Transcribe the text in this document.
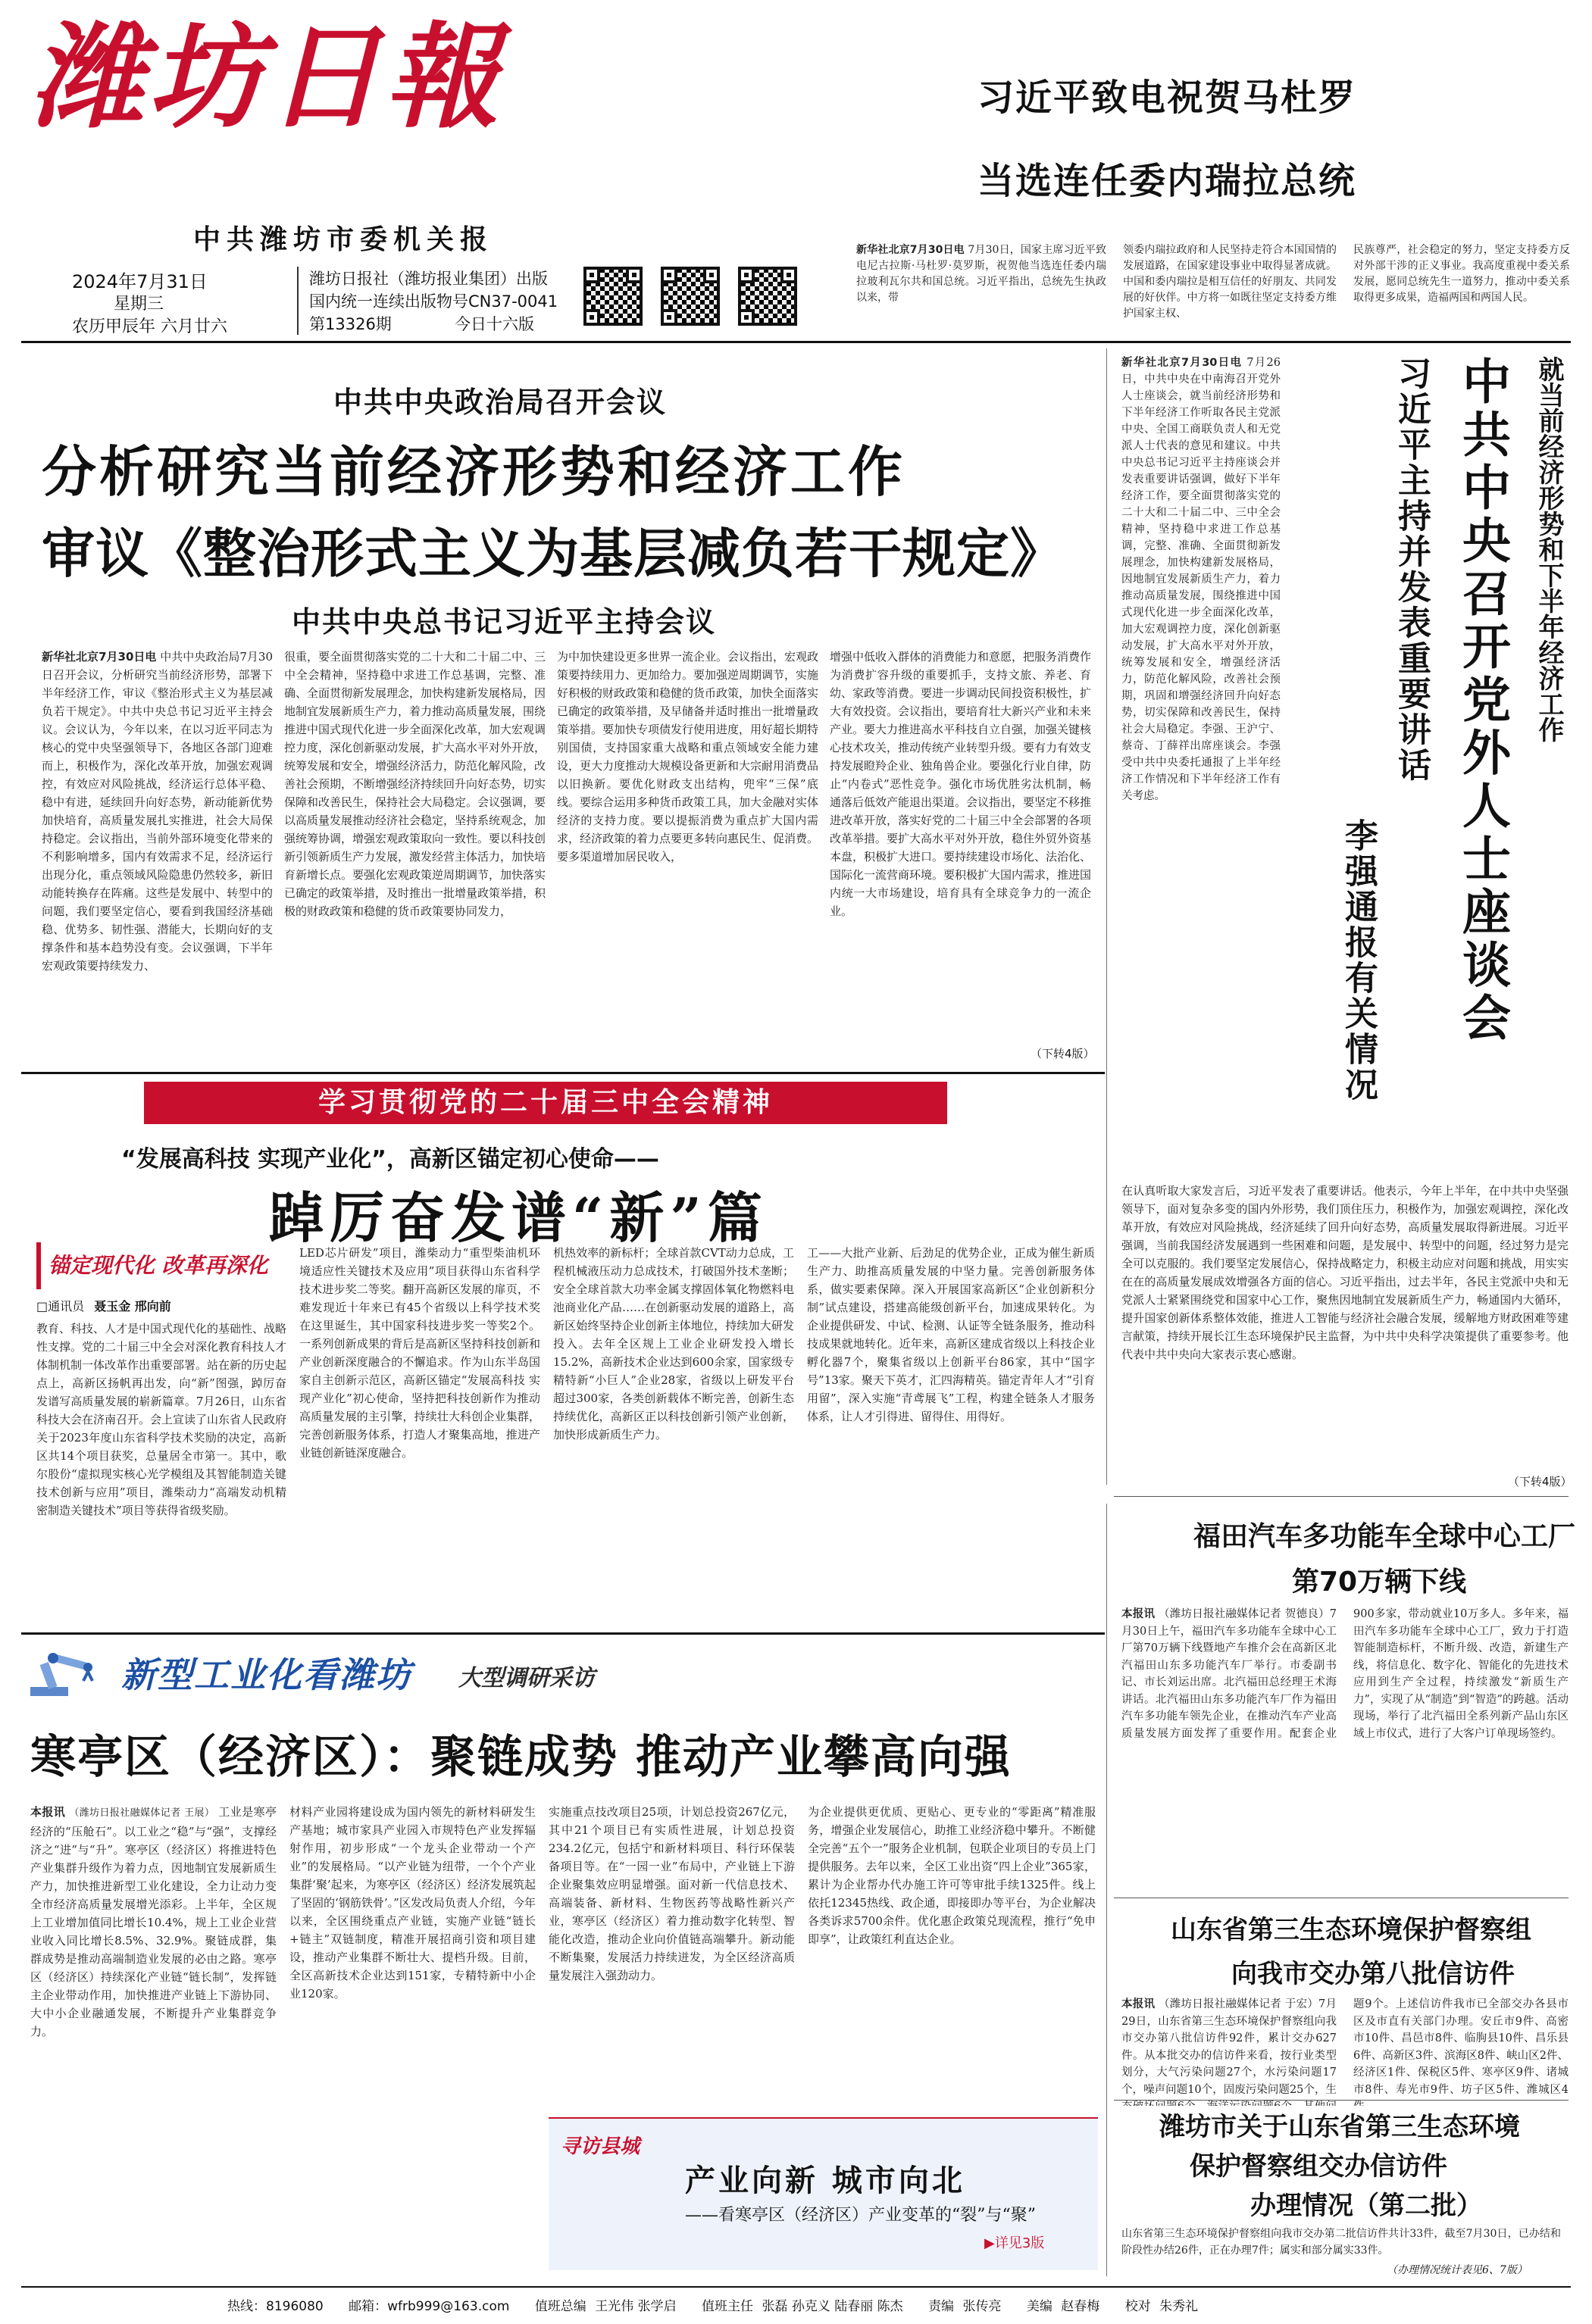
潍坊日報
中共潍坊市委机关报
2024年7月31日
星期三
农历甲辰年 六月廿六
潍坊日报社（潍坊报业集团）出版
国内统一连续出版物号CN37-0041
第13326期	今日十六版
习近平致电祝贺马杜罗
当选连任委内瑞拉总统
新华社北京7月30日电 7月30日，国家主席习近平致电尼古拉斯·马杜罗·莫罗斯，祝贺他当选连任委内瑞拉玻利瓦尔共和国总统。习近平指出，总统先生执政以来，带
领委内瑞拉政府和人民坚持走符合本国国情的发展道路，在国家建设事业中取得显著成就。中国和委内瑞拉是相互信任的好朋友、共同发展的好伙伴。中方将一如既往坚定支持委方维护国家主权、
民族尊严，社会稳定的努力，坚定支持委方反对外部干涉的正义事业。我高度重视中委关系发展，愿同总统先生一道努力，推动中委关系取得更多成果，造福两国和两国人民。
中共中央政治局召开会议
分析研究当前经济形势和经济工作
审议《整治形式主义为基层减负若干规定》
中共中央总书记习近平主持会议
新华社北京7月30日电 中共中央政治局7月30日召开会议，分析研究当前经济形势，部署下半年经济工作，审议《整治形式主义为基层减负若干规定》。中共中央总书记习近平主持会议。会议认为，今年以来，在以习近平同志为核心的党中央坚强领导下，各地区各部门迎难而上，积极作为，深化改革开放，加强宏观调控，有效应对风险挑战，经济运行总体平稳、稳中有进，延续回升向好态势，新动能新优势加快培育，高质量发展扎实推进，社会大局保持稳定。会议指出，当前外部环境变化带来的不利影响增多，国内有效需求不足，经济运行出现分化，重点领域风险隐患仍然较多，新旧动能转换存在阵痛。这些是发展中、转型中的问题，我们要坚定信心，要看到我国经济基础稳、优势多、韧性强、潜能大，长期向好的支撑条件和基本趋势没有变。会议强调，下半年宏观政策要持续发力、
很重，要全面贯彻落实党的二十大和二十届二中、三中全会精神，坚持稳中求进工作总基调，完整、准确、全面贯彻新发展理念，加快构建新发展格局，因地制宜发展新质生产力，着力推动高质量发展，围绕推进中国式现代化进一步全面深化改革，加大宏观调控力度，深化创新驱动发展，扩大高水平对外开放，统筹发展和安全，增强经济活力，防范化解风险，改善社会预期，不断增强经济持续回升向好态势，切实保障和改善民生，保持社会大局稳定。会议强调，要以高质量发展推动经济社会稳定，坚持系统观念，加强统筹协调，增强宏观政策取向一致性。要以科技创新引领新质生产力发展，激发经营主体活力，加快培育新增长点。要强化宏观政策逆周期调节，加快落实已确定的政策举措，及时推出一批增量政策举措，积极的财政政策和稳健的货币政策要协同发力，
为中加快建设更多世界一流企业。会议指出，宏观政策要持续用力、更加给力。要加强逆周期调节，实施好积极的财政政策和稳健的货币政策，加快全面落实已确定的政策举措，及早储备并适时推出一批增量政策举措。要加快专项债发行使用进度，用好超长期特别国债，支持国家重大战略和重点领域安全能力建设，更大力度推动大规模设备更新和大宗耐用消费品以旧换新。要优化财政支出结构，兜牢“三保”底线。要综合运用多种货币政策工具，加大金融对实体经济的支持力度。要以提振消费为重点扩大国内需求，经济政策的着力点要更多转向惠民生、促消费。要多渠道增加居民收入，
增强中低收入群体的消费能力和意愿，把服务消费作为消费扩容升级的重要抓手，支持文旅、养老、育幼、家政等消费。要进一步调动民间投资积极性，扩大有效投资。会议指出，要培育壮大新兴产业和未来产业。要大力推进高水平科技自立自强，加强关键核心技术攻关，推动传统产业转型升级。要有力有效支持发展瞪羚企业、独角兽企业。要强化行业自律，防止“内卷式”恶性竞争。强化市场优胜劣汰机制，畅通落后低效产能退出渠道。会议指出，要坚定不移推进改革开放，落实好党的二十届三中全会部署的各项改革举措。要扩大高水平对外开放，稳住外贸外资基本盘，积极扩大进口。要持续建设市场化、法治化、国际化一流营商环境。要积极扩大国内需求，推进国内统一大市场建设，培育具有全球竞争力的一流企业。
（下转4版）
新华社北京7月30日电 7月26日，中共中央在中南海召开党外人士座谈会，就当前经济形势和下半年经济工作听取各民主党派中央、全国工商联负责人和无党派人士代表的意见和建议。中共中央总书记习近平主持座谈会并发表重要讲话强调，做好下半年经济工作，要全面贯彻落实党的二十大和二十届二中、三中全会精神，坚持稳中求进工作总基调，完整、准确、全面贯彻新发展理念，加快构建新发展格局，因地制宜发展新质生产力，着力推动高质量发展，围绕推进中国式现代化进一步全面深化改革，加大宏观调控力度，深化创新驱动发展，扩大高水平对外开放，统筹发展和安全，增强经济活力，防范化解风险，改善社会预期，巩固和增强经济回升向好态势，切实保障和改善民生，保持社会大局稳定。李强、王沪宁、蔡奇、丁薛祥出席座谈会。李强受中共中央委托通报了上半年经济工作情况和下半年经济工作有关考虑。
就当前经济形势和下半年经济工作
中共中央召开党外人士座谈会
习近平主持并发表重要讲话
李强通报有关情况
在认真听取大家发言后，习近平发表了重要讲话。他表示，今年上半年，在中共中央坚强领导下，面对复杂多变的国内外形势，我们顶住压力，积极作为，加强宏观调控，深化改革开放，有效应对风险挑战，经济延续了回升向好态势，高质量发展取得新进展。习近平强调，当前我国经济发展遇到一些困难和问题，是发展中、转型中的问题，经过努力是完全可以克服的。我们要坚定发展信心，保持战略定力，积极主动应对问题和挑战，用实实在在的高质量发展成效增强各方面的信心。习近平指出，过去半年，各民主党派中央和无党派人士紧紧围绕党和国家中心工作，聚焦因地制宜发展新质生产力，畅通国内大循环，提升国家创新体系整体效能，推进人工智能与经济社会融合发展，缓解地方财政困难等建言献策，持续开展长江生态环境保护民主监督，为中共中央科学决策提供了重要参考。他代表中共中央向大家表示衷心感谢。
（下转4版）
学习贯彻党的二十届三中全会精神
“发展高科技 实现产业化”，高新区锚定初心使命——
踔厉奋发谱“新”篇
锚定现代化 改革再深化
□通讯员 聂玉金 邢向前
教育、科技、人才是中国式现代化的基础性、战略性支撑。党的二十届三中全会对深化教育科技人才体制机制一体改革作出重要部署。站在新的历史起点上，高新区扬帆再出发，向“新”图强，踔厉奋发谱写高质量发展的崭新篇章。7月26日，山东省科技大会在济南召开。会上宣读了山东省人民政府关于2023年度山东省科学技术奖励的决定，高新区共14个项目获奖，总量居全市第一。其中，歌尔股份“虚拟现实核心光学模组及其智能制造关键技术创新与应用”项目，潍柴动力“高端发动机精密制造关键技术”项目等获得省级奖励。
LED芯片研发”项目，潍柴动力“重型柴油机环境适应性关键技术及应用”项目获得山东省科学技术进步奖二等奖。翻开高新区发展的扉页，不难发现近十年来已有45个省级以上科学技术奖在这里诞生，其中国家科技进步奖一等奖2个。一系列创新成果的背后是高新区坚持科技创新和产业创新深度融合的不懈追求。作为山东半岛国家自主创新示范区，高新区锚定“发展高科技 实现产业化”初心使命，坚持把科技创新作为推动高质量发展的主引擎，持续壮大科创企业集群，完善创新服务体系，打造人才聚集高地，推进产业链创新链深度融合。
机热效率的新标杆；全球首款CVT动力总成，工程机械液压动力总成技术，打破国外技术垄断；安全全球首款大功率金属支撑固体氧化物燃料电池商业化产品……在创新驱动发展的道路上，高新区始终坚持企业创新主体地位，持续加大研发投入。去年全区规上工业企业研发投入增长15.2%，高新技术企业达到600余家，国家级专精特新“小巨人”企业28家，省级以上研发平台超过300家，各类创新载体不断完善，创新生态持续优化，高新区正以科技创新引领产业创新，加快形成新质生产力。
工——大批产业新、后劲足的优势企业，正成为催生新质生产力、助推高质量发展的中坚力量。完善创新服务体系，做实要素保障。深入开展国家高新区“企业创新积分制”试点建设，搭建高能级创新平台，加速成果转化。为企业提供研发、中试、检测、认证等全链条服务，推动科技成果就地转化。近年来，高新区建成省级以上科技企业孵化器7个，聚集省级以上创新平台86家，其中“国字号”13家。聚天下英才，汇四海精英。锚定青年人才“引育用留”，深入实施“青鸢展飞”工程，构建全链条人才服务体系，让人才引得进、留得住、用得好。
新型工业化看潍坊 大型调研采访
寒亭区（经济区）：聚链成势 推动产业攀高向强
本报讯 （潍坊日报社融媒体记者 王展） 工业是寒亭经济的“压舱石”。以工业之“稳”与“强”，支撑经济之“进”与“升”。寒亭区（经济区）将推进特色产业集群升级作为着力点，因地制宜发展新质生产力，加快推进新型工业化建设，全力让动力变全市经济高质量发展增光添彩。上半年，全区规上工业增加值同比增长10.4%，规上工业企业营业收入同比增长8.5%、32.9%。聚链成群，集群成势是推动高端制造业发展的必由之路。寒亭区（经济区）持续深化产业链“链长制”，发挥链主企业带动作用，加快推进产业链上下游协同、大中小企业融通发展，不断提升产业集群竞争力。
材料产业园将建设成为国内领先的新材料研发生产基地；城市家具产业园入市规特色产业发挥辐射作用，初步形成“一个龙头企业带动一个产业”的发展格局。“以产业链为纽带，一个个产业集群‘聚’起来，为寒亭区（经济区）经济发展筑起了坚固的‘钢筋铁骨’。”区发改局负责人介绍，今年以来，全区围绕重点产业链，实施产业链“链长+链主”双链制度，精准开展招商引资和项目建设，推动产业集群不断壮大、提档升级。目前，全区高新技术企业达到151家，专精特新中小企业120家。
实施重点技改项目25项，计划总投资267亿元，其中21个项目已有实质性进展，计划总投资234.2亿元，包括宁和新材料项目、科行环保装备项目等。在“一园一业”布局中，产业链上下游企业聚集效应明显增强。面对新一代信息技术、高端装备、新材料、生物医药等战略性新兴产业，寒亭区（经济区）着力推动数字化转型、智能化改造，推动企业向价值链高端攀升。新动能不断集聚，发展活力持续迸发，为全区经济高质量发展注入强劲动力。
为企业提供更优质、更贴心、更专业的“零距离”精准服务，增强企业发展信心，助推工业经济稳中攀升。不断健全完善“五个一”服务企业机制，包联企业项目的专员上门提供服务。去年以来，全区工业出资“四上企业”365家，累计为企业帮办代办施工许可等审批手续1325件。线上依托12345热线、政企通，即接即办等平台，为企业解决各类诉求5700余件。优化惠企政策兑现流程，推行“免申即享”，让政策红利直达企业。
寻访县城
产业向新 城市向北
——看寒亭区（经济区）产业变革的“裂”与“聚”
▶详见3版
福田汽车多功能车全球中心工厂
第70万辆下线
本报讯 （潍坊日报社融媒体记者 贺德良）7月30日上午，福田汽车多功能车全球中心工厂第70万辆下线暨地产车推介会在高新区北汽福田山东多功能汽车厂举行。市委副书记、市长刘运出席。北汽福田总经理王术海讲话。北汽福田山东多功能汽车厂作为福田汽车多功能车领先企业，在推动汽车产业高质量发展方面发挥了重要作用。配套企业900多家，带动就业10万多人。多年来，福田汽车多功能车全球中心工厂，致力于打造智能制造标杆，不断升级、改造，新建生产线，将信息化、数字化、智能化的先进技术应用到生产全过程，持续激发“新质生产力”，实现了从“制造”到“智造”的跨越。活动现场，举行了北汽福田全系列新产品山东区域上市仪式，进行了大客户订单现场签约。
山东省第三生态环境保护督察组
向我市交办第八批信访件
本报讯 （潍坊日报社融媒体记者 于宏）7月29日，山东省第三生态环境保护督察组向我市交办第八批信访件92件，累计交办627件。从本批交办的信访件来看，按行业类型划分，大气污染问题27个，水污染问题17个，噪声问题10个，固废污染问题25个，生 题9个。上述信访件我市已全部交办各县市区及市直有关部门办理。安丘市9件、高密市10件、昌邑市8件、临朐县10件、昌乐县6件、高新区3件、滨海区8件、峡山区2件、经济区1件、保税区5件、寒亭区9件、诸城市8件、寿光市9件、坊子区5件、潍城区4
潍坊市关于山东省第三生态环境
保护督察组交办信访件
办理情况（第二批）
山东省第三生态环境保护督察组向我市交办第二批信访件共计33件，截至7月30日，已办结和阶段性办结26件，正在办理7件；属实和部分属实33件。
（办理情况统计表见6、7版）
热线：8196080 邮箱：wfrb999@163.com 值班总编 王光伟 张学启 值班主任 张磊 孙克义 陆春丽 陈杰 责编 张传亮 美编 赵春梅 校对 朱秀礼
